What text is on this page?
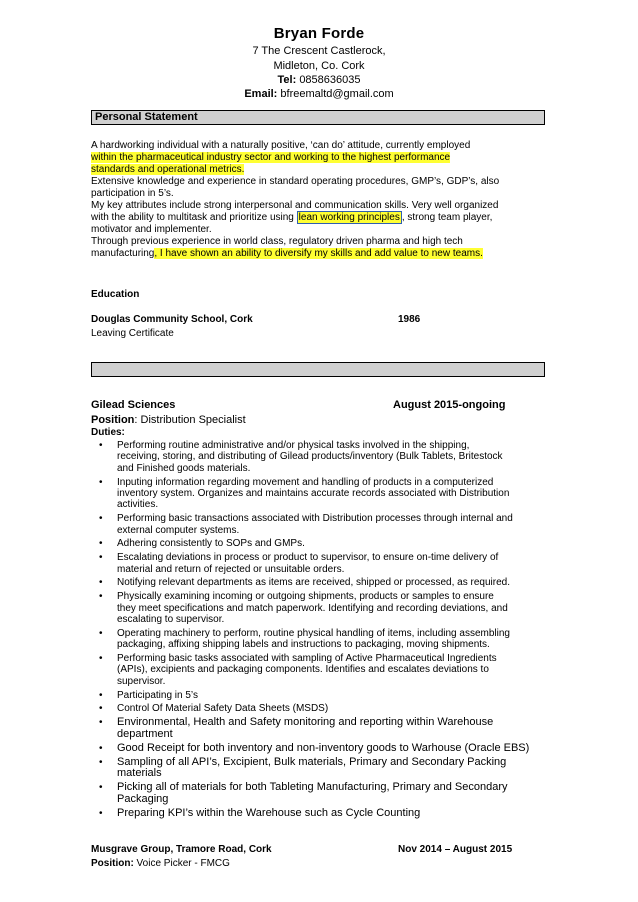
Bryan Forde
7 The Crescent Castlerock,
Midleton, Co. Cork
Tel: 0858636035
Email: bfreemaltd@gmail.com
Personal Statement
A hardworking individual with a naturally positive, ‘can do’ attitude, currently employed
within the pharmaceutical industry sector and working to the highest performance
standards and operational metrics.
Extensive knowledge and experience in standard operating procedures, GMP’s, GDP’s, also
participation in 5’s.
My key attributes include strong interpersonal and communication skills. Very well organized
with the ability to multitask and prioritize using lean working principles , strong team player,
motivator and implementer.
Through previous experience in world class, regulatory driven pharma and high tech
manufacturing, I have shown an ability to diversify my skills and add value to new teams.
Education
Douglas Community School, Cork	1986
Leaving Certificate
Gilead Sciences	August 2015-ongoing
Position: Distribution Specialist
Duties:
• Performing routine administrative and/or physical tasks involved in the shipping,
receiving, storing, and distributing of Gilead products/inventory (Bulk Tablets, Britestock
and Finished goods materials.
• Inputing information regarding movement and handling of products in a computerized
inventory system. Organizes and maintains accurate records associated with Distribution
activities.
• Performing basic transactions associated with Distribution processes through internal and
external computer systems.
• Adhering consistently to SOPs and GMPs.
• Escalating deviations in process or product to supervisor, to ensure on-time delivery of
material and return of rejected or unsuitable orders.
• Notifying relevant departments as items are received, shipped or processed, as required.
• Physically examining incoming or outgoing shipments, products or samples to ensure
they meet specifications and match paperwork. Identifying and recording deviations, and
escalating to supervisor.
• Operating machinery to perform, routine physical handling of items, including assembling
packaging, affixing shipping labels and instructions to packaging, moving shipments.
• Performing basic tasks associated with sampling of Active Pharmaceutical Ingredients
(APIs), excipients and packaging components. Identifies and escalates deviations to
supervisor.
• Participating in 5’s
• Control Of Material Safety Data Sheets (MSDS)
• Environmental, Health and Safety monitoring and reporting within Warehouse
department
• Good Receipt for both inventory and non-inventory goods to Warhouse (Oracle EBS)
• Sampling of all API’s, Excipient, Bulk materials, Primary and Secondary Packing
materials
• Picking all of materials for both Tableting Manufacturing, Primary and Secondary
Packaging
• Preparing KPI’s within the Warehouse such as Cycle Counting
Musgrave Group, Tramore Road, Cork	Nov 2014 – August 2015
Position: Voice Picker - FMCG
